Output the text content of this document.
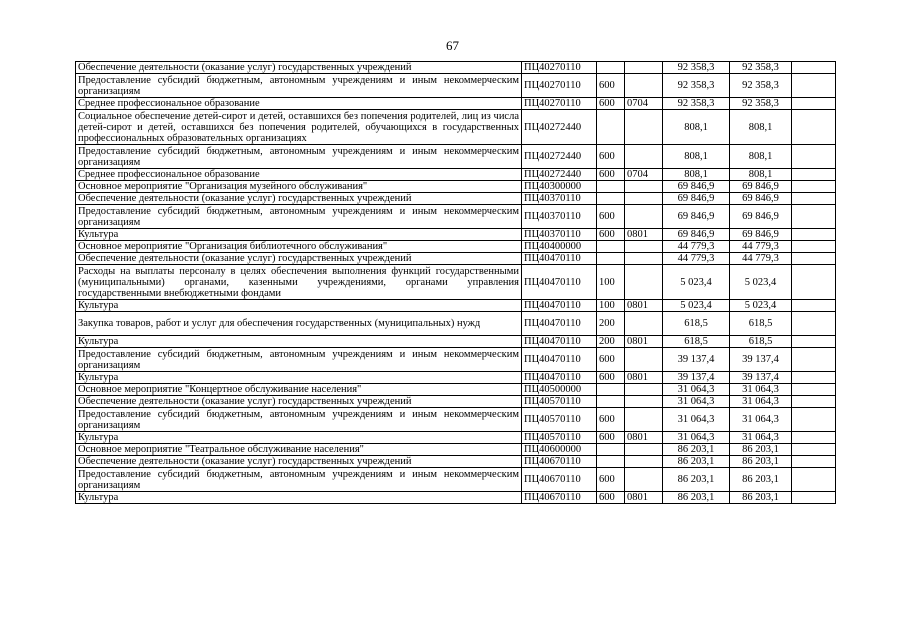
67
Обеспечение деятельности (оказание услуг) государственных учреждений	ПЦ40270110			92 358,3	92 358,3	
Предоставление субсидий бюджетным, автономным учреждениям и иным некоммерческим организациям	ПЦ40270110	600		92 358,3	92 358,3	
Среднее профессиональное образование	ПЦ40270110	600	0704	92 358,3	92 358,3	
Социальное обеспечение детей-сирот и детей, оставшихся без попечения родителей, лиц из числа детей-сирот и детей, оставшихся без попечения родителей, обучающихся в государственных профессиональных образовательных организациях	ПЦ40272440			808,1	808,1	
Предоставление субсидий бюджетным, автономным учреждениям и иным некоммерческим организациям	ПЦ40272440	600		808,1	808,1	
Среднее профессиональное образование	ПЦ40272440	600	0704	808,1	808,1	
Основное мероприятие "Организация музейного обслуживания"	ПЦ40300000			69 846,9	69 846,9	
Обеспечение деятельности (оказание услуг) государственных учреждений	ПЦ40370110			69 846,9	69 846,9	
Предоставление субсидий бюджетным, автономным учреждениям и иным некоммерческим организациям	ПЦ40370110	600		69 846,9	69 846,9	
Культура	ПЦ40370110	600	0801	69 846,9	69 846,9	
Основное мероприятие "Организация библиотечного обслуживания"	ПЦ40400000			44 779,3	44 779,3	
Обеспечение деятельности (оказание услуг) государственных учреждений	ПЦ40470110			44 779,3	44 779,3	
Расходы на выплаты персоналу в целях обеспечения выполнения функций государственными (муниципальными) органами, казенными учреждениями, органами управления государственными внебюджетными фондами	ПЦ40470110	100		5 023,4	5 023,4	
Культура	ПЦ40470110	100	0801	5 023,4	5 023,4	
Закупка товаров, работ и услуг для обеспечения государственных (муниципальных) нужд	ПЦ40470110	200		618,5	618,5	
Культура	ПЦ40470110	200	0801	618,5	618,5	
Предоставление субсидий бюджетным, автономным учреждениям и иным некоммерческим организациям	ПЦ40470110	600		39 137,4	39 137,4	
Культура	ПЦ40470110	600	0801	39 137,4	39 137,4	
Основное мероприятие "Концертное обслуживание населения"	ПЦ40500000			31 064,3	31 064,3	
Обеспечение деятельности (оказание услуг) государственных учреждений	ПЦ40570110			31 064,3	31 064,3	
Предоставление субсидий бюджетным, автономным учреждениям и иным некоммерческим организациям	ПЦ40570110	600		31 064,3	31 064,3	
Культура	ПЦ40570110	600	0801	31 064,3	31 064,3	
Основное мероприятие "Театральное обслуживание населения"	ПЦ40600000			86 203,1	86 203,1	
Обеспечение деятельности (оказание услуг) государственных учреждений	ПЦ40670110			86 203,1	86 203,1	
Предоставление субсидий бюджетным, автономным учреждениям и иным некоммерческим организациям	ПЦ40670110	600		86 203,1	86 203,1	
Культура	ПЦ40670110	600	0801	86 203,1	86 203,1	
